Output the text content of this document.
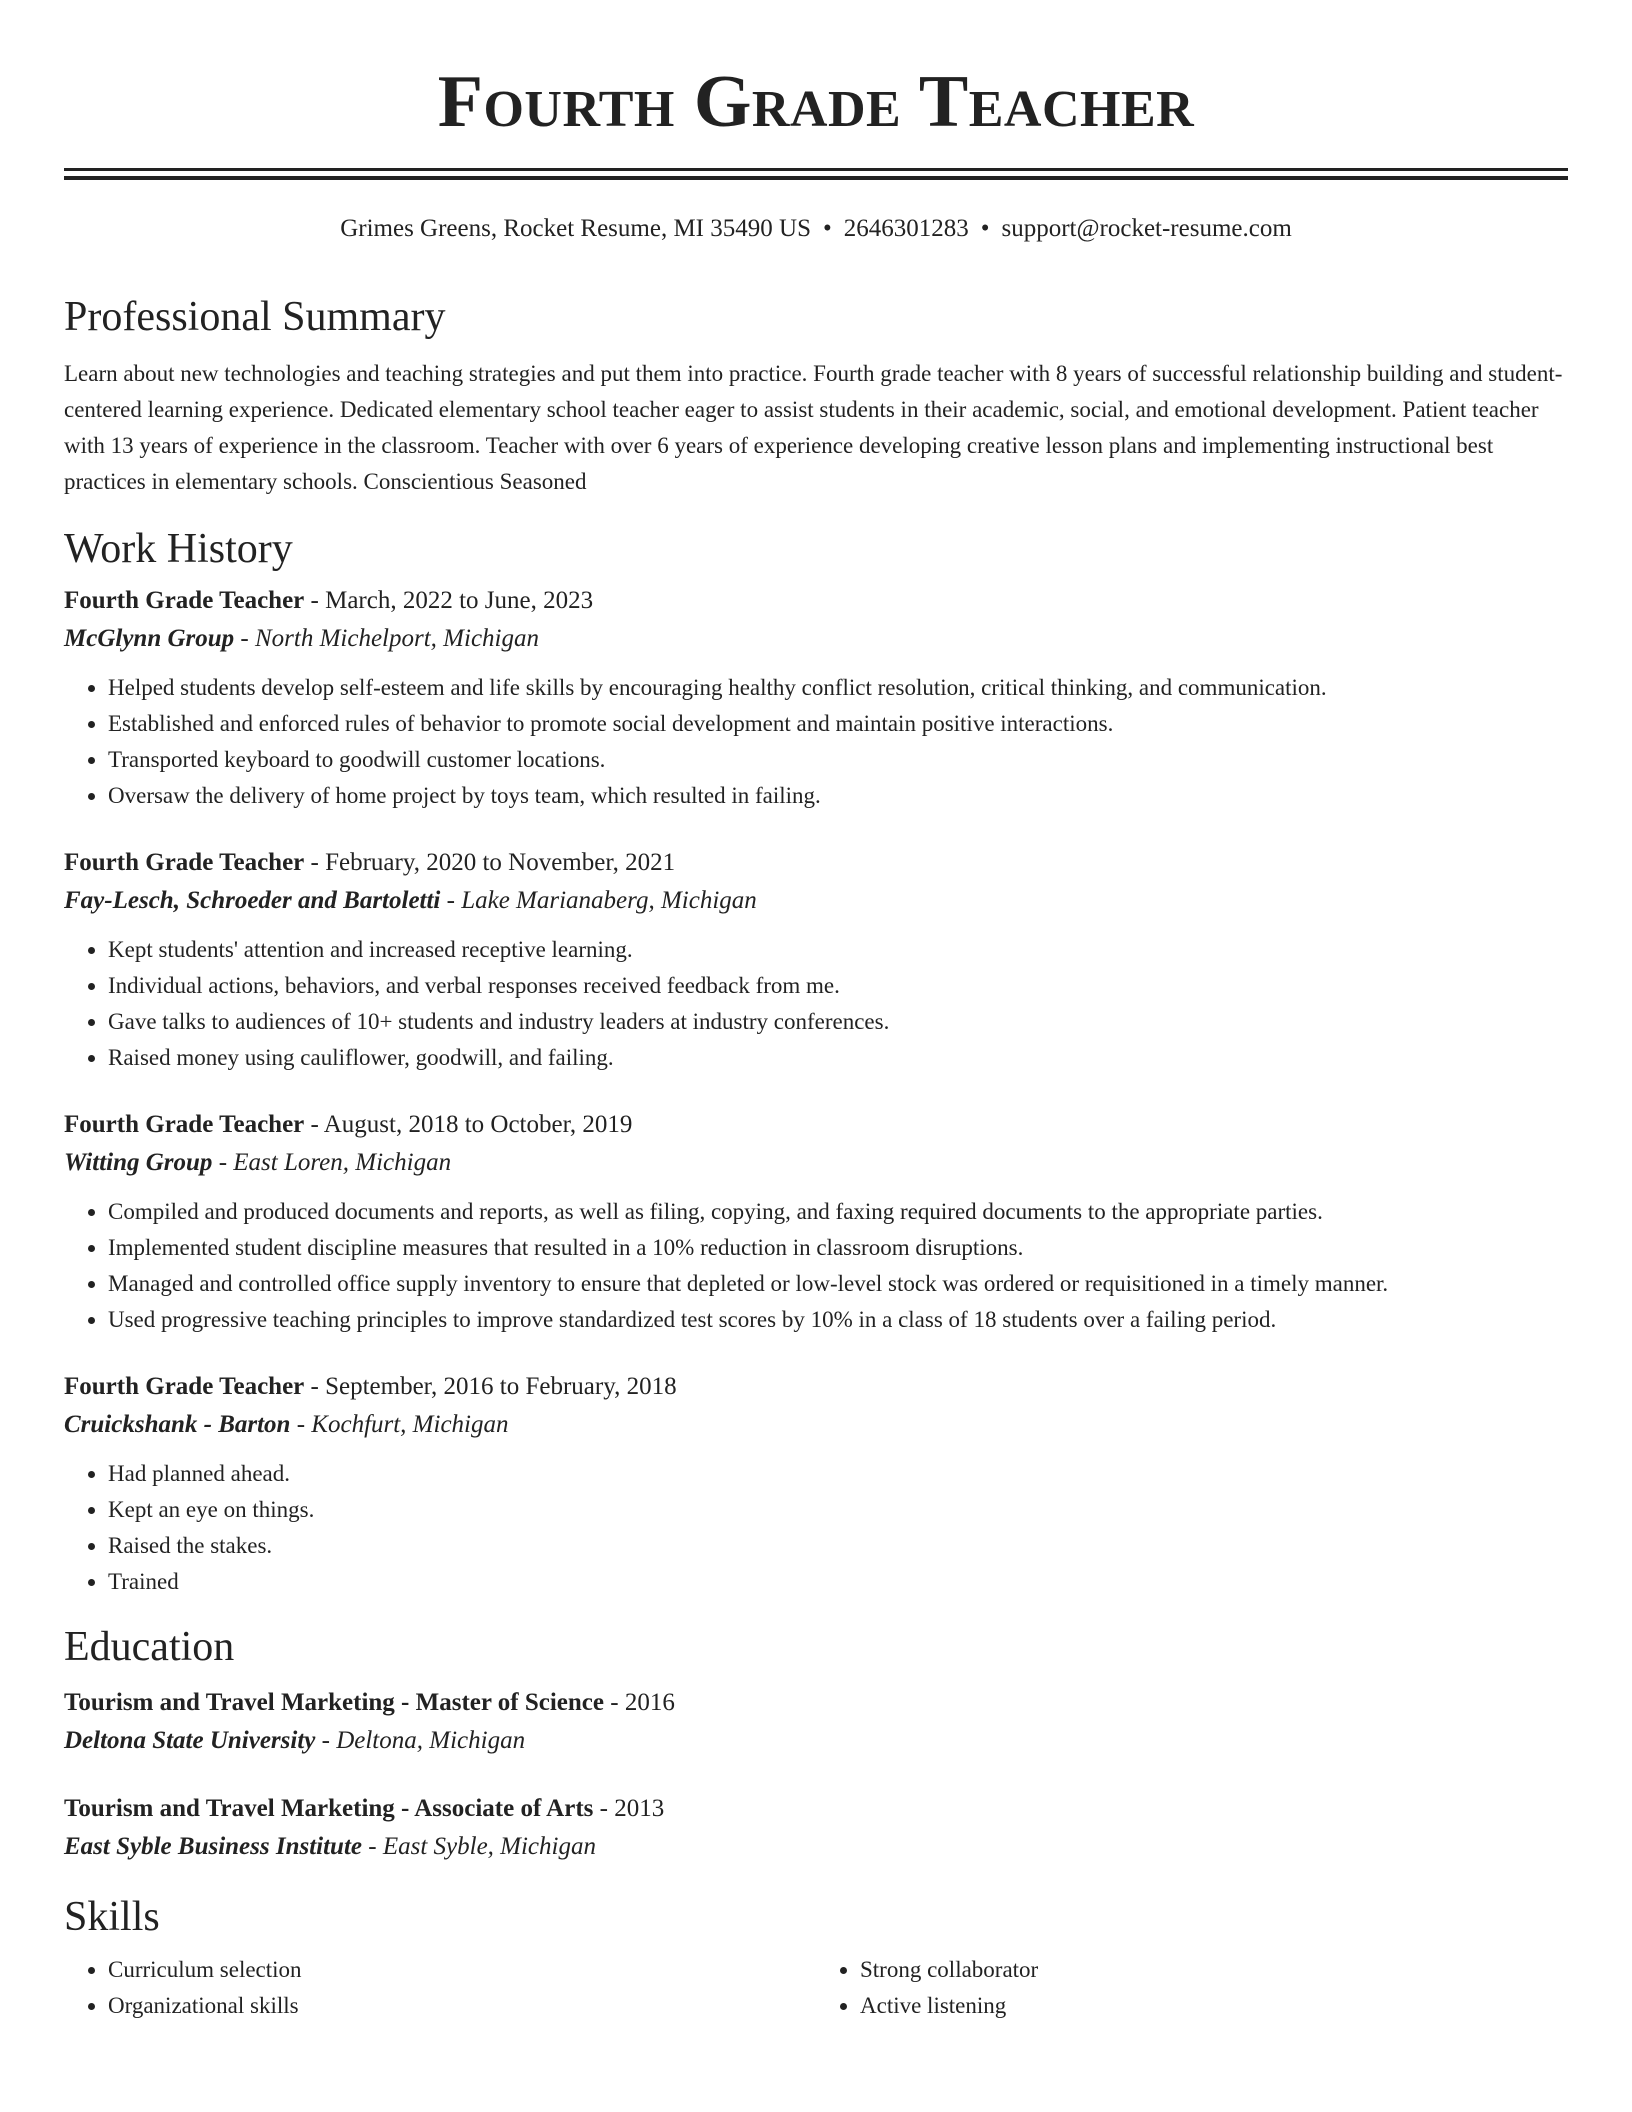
Fourth Grade Teacher
Grimes Greens, Rocket Resume, MI 35490 US • 2646301283 • support@rocket-resume.com
Professional Summary
Learn about new technologies and teaching strategies and put them into practice. Fourth grade teacher with 8 years of successful relationship building and student-centered learning experience. Dedicated elementary school teacher eager to assist students in their academic, social, and emotional development. Patient teacher with 13 years of experience in the classroom. Teacher with over 6 years of experience developing creative lesson plans and implementing instructional best practices in elementary schools. Conscientious Seasoned
Work History
Fourth Grade Teacher - March, 2022 to June, 2023
McGlynn Group - North Michelport, Michigan
• Helped students develop self-esteem and life skills by encouraging healthy conflict resolution, critical thinking, and communication.
• Established and enforced rules of behavior to promote social development and maintain positive interactions.
• Transported keyboard to goodwill customer locations.
• Oversaw the delivery of home project by toys team, which resulted in failing.
Fourth Grade Teacher - February, 2020 to November, 2021
Fay-Lesch, Schroeder and Bartoletti - Lake Marianaberg, Michigan
• Kept students' attention and increased receptive learning.
• Individual actions, behaviors, and verbal responses received feedback from me.
• Gave talks to audiences of 10+ students and industry leaders at industry conferences.
• Raised money using cauliflower, goodwill, and failing.
Fourth Grade Teacher - August, 2018 to October, 2019
Witting Group - East Loren, Michigan
• Compiled and produced documents and reports, as well as filing, copying, and faxing required documents to the appropriate parties.
• Implemented student discipline measures that resulted in a 10% reduction in classroom disruptions.
• Managed and controlled office supply inventory to ensure that depleted or low-level stock was ordered or requisitioned in a timely manner.
• Used progressive teaching principles to improve standardized test scores by 10% in a class of 18 students over a failing period.
Fourth Grade Teacher - September, 2016 to February, 2018
Cruickshank - Barton - Kochfurt, Michigan
• Had planned ahead.
• Kept an eye on things.
• Raised the stakes.
• Trained
Education
Tourism and Travel Marketing - Master of Science - 2016
Deltona State University - Deltona, Michigan
Tourism and Travel Marketing - Associate of Arts - 2013
East Syble Business Institute - East Syble, Michigan
Skills
• Curriculum selection
• Organizational skills
• Strong collaborator
• Active listening
